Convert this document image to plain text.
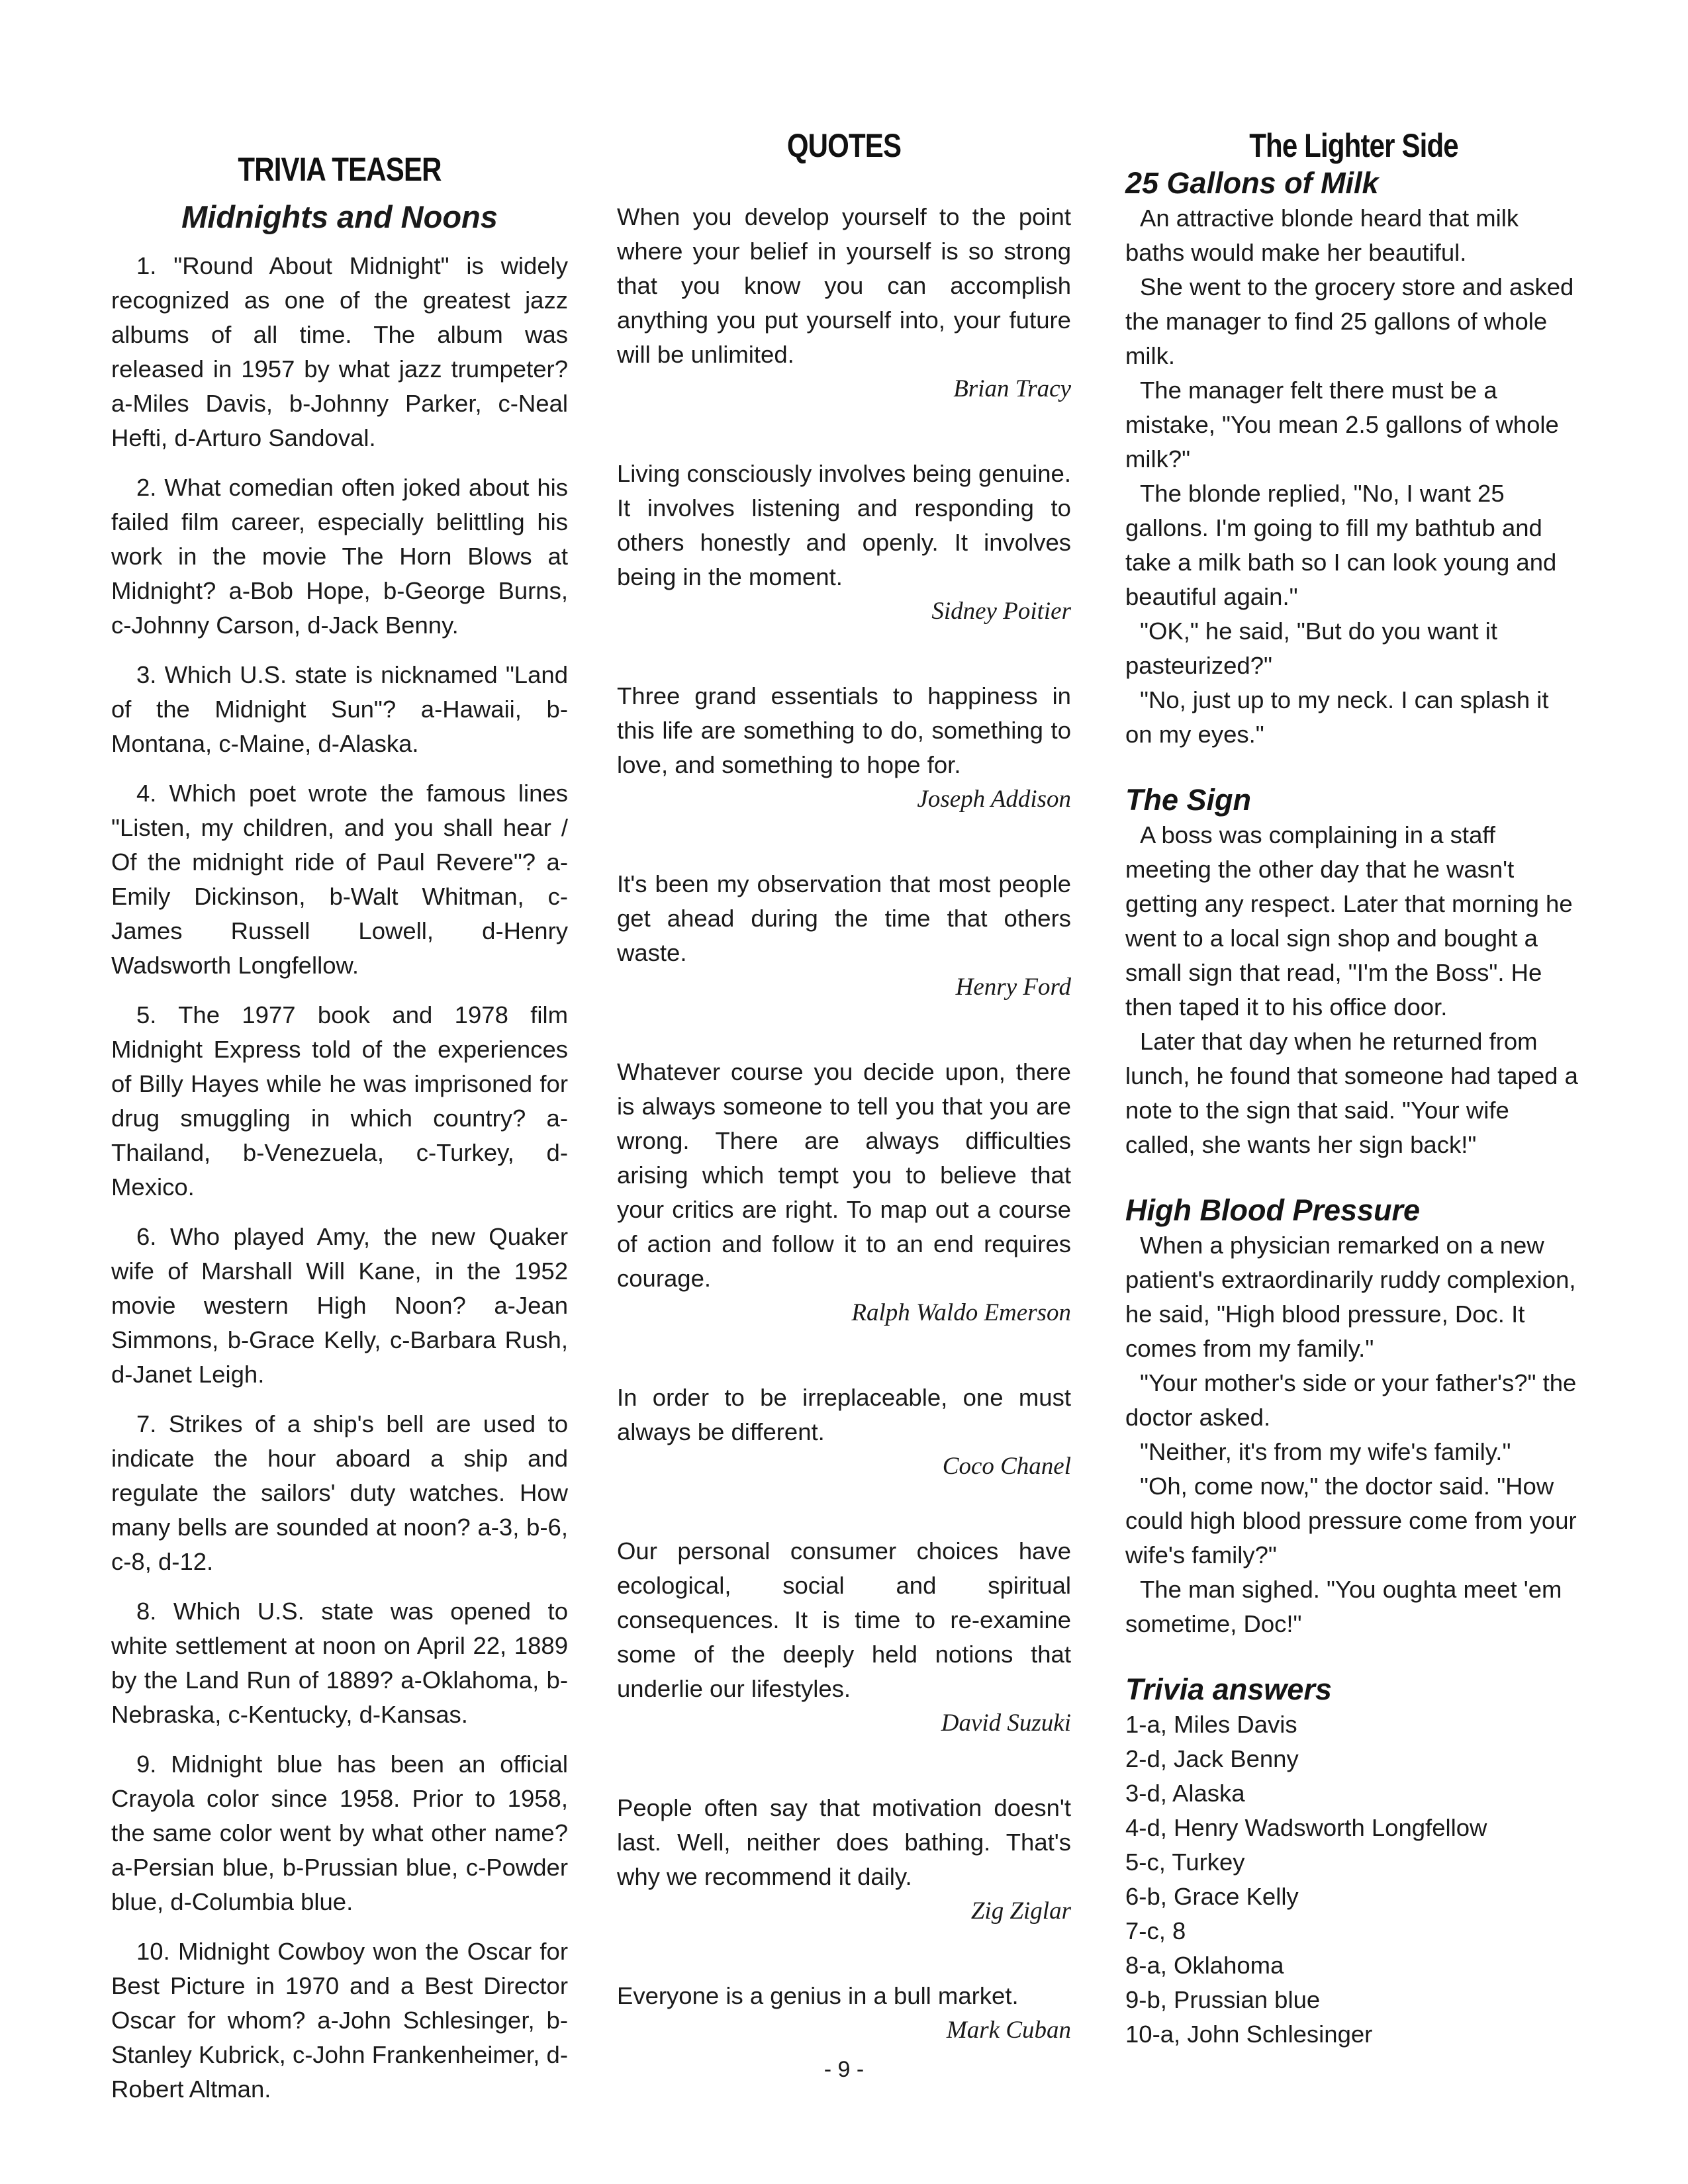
TRIVIA TEASER
Midnights and Noons

1. "Round About Midnight" is widely recognized as one of the greatest jazz albums of all time. The album was released in 1957 by what jazz trumpeter? a-Miles Davis, b-Johnny Parker, c-Neal Hefti, d-Arturo Sandoval.

2. What comedian often joked about his failed film career, especially belittling his work in the movie The Horn Blows at Midnight? a-Bob Hope, b-George Burns, c-Johnny Carson, d-Jack Benny.

3. Which U.S. state is nicknamed "Land of the Midnight Sun"? a-Hawaii, b-Montana, c-Maine, d-Alaska.

4. Which poet wrote the famous lines "Listen, my children, and you shall hear / Of the midnight ride of Paul Revere"? a-Emily Dickinson, b-Walt Whitman, c-James Russell Lowell, d-Henry Wadsworth Longfellow.

5. The 1977 book and 1978 film Midnight Express told of the experiences of Billy Hayes while he was imprisoned for drug smuggling in which country? a-Thailand, b-Venezuela, c-Turkey, d-Mexico.

6. Who played Amy, the new Quaker wife of Marshall Will Kane, in the 1952 movie western High Noon? a-Jean Simmons, b-Grace Kelly, c-Barbara Rush, d-Janet Leigh.

7. Strikes of a ship's bell are used to indicate the hour aboard a ship and regulate the sailors' duty watches. How many bells are sounded at noon? a-3, b-6, c-8, d-12.

8. Which U.S. state was opened to white settlement at noon on April 22, 1889 by the Land Run of 1889? a-Oklahoma, b-Nebraska, c-Kentucky, d-Kansas.

9. Midnight blue has been an official Crayola color since 1958. Prior to 1958, the same color went by what other name? a-Persian blue, b-Prussian blue, c-Powder blue, d-Columbia blue.

10. Midnight Cowboy won the Oscar for Best Picture in 1970 and a Best Director Oscar for whom? a-John Schlesinger, b-Stanley Kubrick, c-John Frankenheimer, d-Robert Altman.

QUOTES

When you develop yourself to the point where your belief in yourself is so strong that you know you can accomplish anything you put yourself into, your future will be unlimited.

Brian Tracy

Living consciously involves being genuine. It involves listening and responding to others honestly and openly. It involves being in the moment.

Sidney Poitier

Three grand essentials to happiness in this life are something to do, something to love, and something to hope for.

Joseph Addison

It's been my observation that most people get ahead during the time that others waste.

Henry Ford

Whatever course you decide upon, there is always someone to tell you that you are wrong. There are always difficulties arising which tempt you to believe that your critics are right. To map out a course of action and follow it to an end requires courage.

Ralph Waldo Emerson

In order to be irreplaceable, one must always be different.

Coco Chanel

Our personal consumer choices have ecological, social and spiritual consequences. It is time to re-examine some of the deeply held notions that underlie our lifestyles.

David Suzuki

People often say that motivation doesn't last. Well, neither does bathing. That's why we recommend it daily.

Zig Ziglar

Everyone is a genius in a bull market.

Mark Cuban

The Lighter Side
25 Gallons of Milk

An attractive blonde heard that milk baths would make her beautiful.

She went to the grocery store and asked the manager to find 25 gallons of whole milk.

The manager felt there must be a mistake, "You mean 2.5 gallons of whole milk?"

The blonde replied, "No, I want 25 gallons. I'm going to fill my bathtub and take a milk bath so I can look young and beautiful again."

"OK," he said, "But do you want it pasteurized?"

"No, just up to my neck. I can splash it on my eyes."

The Sign

A boss was complaining in a staff meeting the other day that he wasn't getting any respect. Later that morning he went to a local sign shop and bought a small sign that read, "I'm the Boss". He then taped it to his office door.

Later that day when he returned from lunch, he found that someone had taped a note to the sign that said. "Your wife called, she wants her sign back!"

High Blood Pressure

When a physician remarked on a new patient's extraordinarily ruddy complexion, he said, "High blood pressure, Doc. It comes from my family."

"Your mother's side or your father's?" the doctor asked.

"Neither, it's from my wife's family."

"Oh, come now," the doctor said. "How could high blood pressure come from your wife's family?"

The man sighed. "You oughta meet 'em sometime, Doc!"

Trivia answers
1-a, Miles Davis
2-d, Jack Benny
3-d, Alaska
4-d, Henry Wadsworth Longfellow
5-c, Turkey
6-b, Grace Kelly
7-c, 8
8-a, Oklahoma
9-b, Prussian blue
10-a, John Schlesinger
- 9 -
